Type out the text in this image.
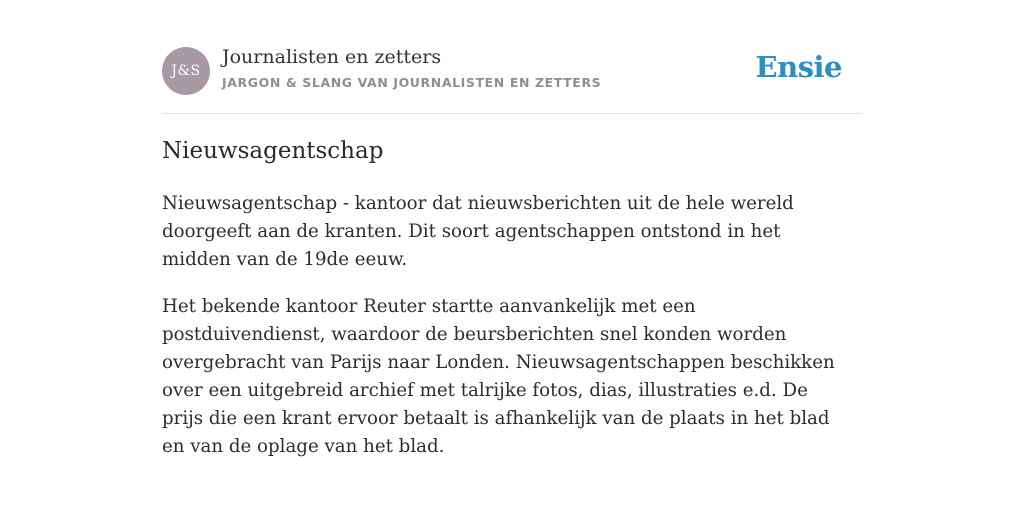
J&S
Journalisten en zetters
JARGON & SLANG VAN JOURNALISTEN EN ZETTERS	Ensie
Nieuwsagentschap

Nieuwsagentschap - kantoor dat nieuwsberichten uit de hele wereld doorgeeft aan de kranten. Dit soort agentschappen ontstond in het midden van de 19de eeuw.

Het bekende kantoor Reuter startte aanvankelijk met een postduivendienst, waardoor de beursberichten snel konden worden overgebracht van Parijs naar Londen. Nieuwsagentschappen beschikken over een uitgebreid archief met talrijke fotos, dias, illustraties e.d. De prijs die een krant ervoor betaalt is afhankelijk van de plaats in het blad en van de oplage van het blad.
